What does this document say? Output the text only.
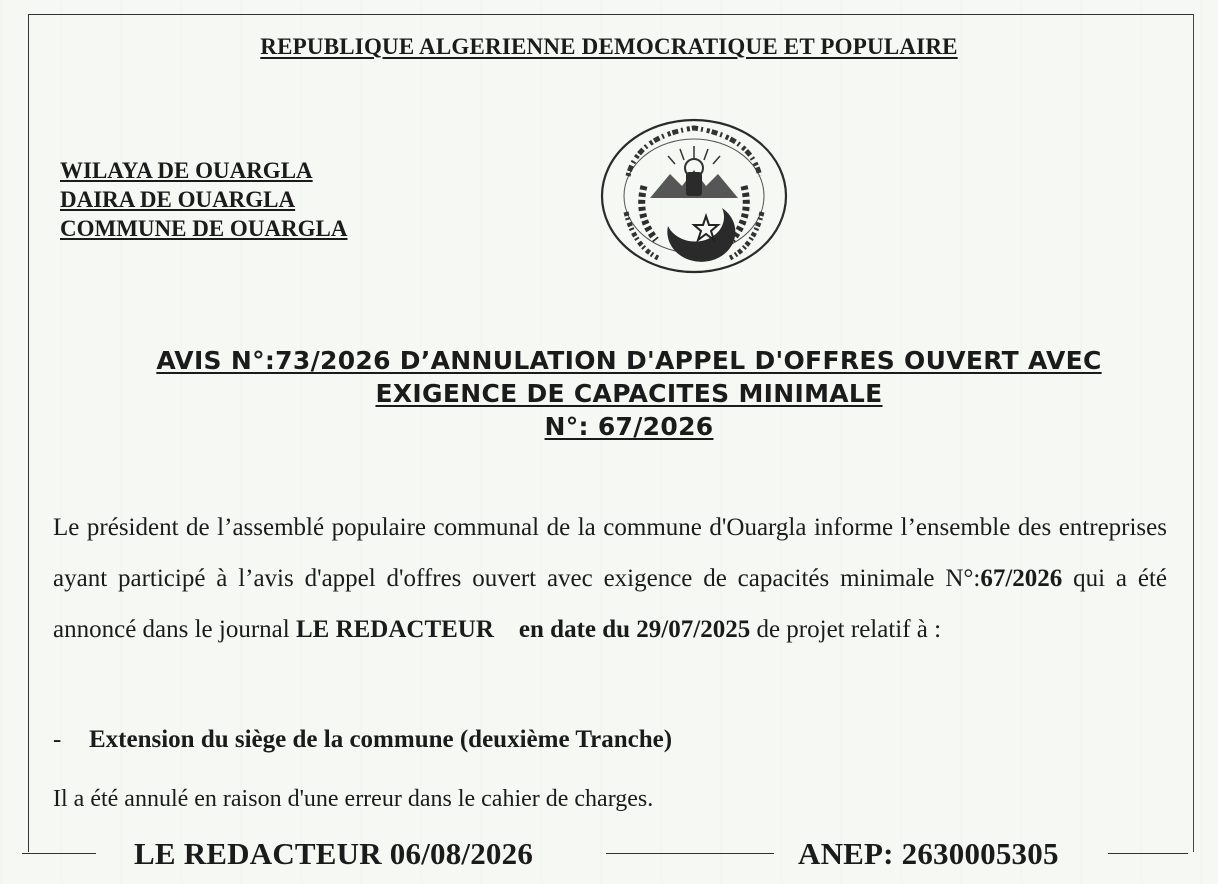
REPUBLIQUE ALGERIENNE DEMOCRATIQUE ET POPULAIRE
WILAYA DE OUARGLA
DAIRA DE OUARGLA
COMMUNE DE OUARGLA
AVIS N°:73/2026 D’ANNULATION D'APPEL D'OFFRES OUVERT AVEC
EXIGENCE DE CAPACITES MINIMALE
N°: 67/2026
Le président de l’assemblé populaire communal de la commune d'Ouargla informe l’ensemble des entreprises ayant participé à l’avis d'appel d'offres ouvert avec exigence de capacités minimale N°:67/2026 qui a été annoncé dans le journal LE REDACTEUR en date du 29/07/2025 de projet relatif à :
- Extension du siège de la commune (deuxième Tranche)
Il a été annulé en raison d'une erreur dans le cahier de charges.
LE REDACTEUR 06/08/2026	ANEP: 2630005305
